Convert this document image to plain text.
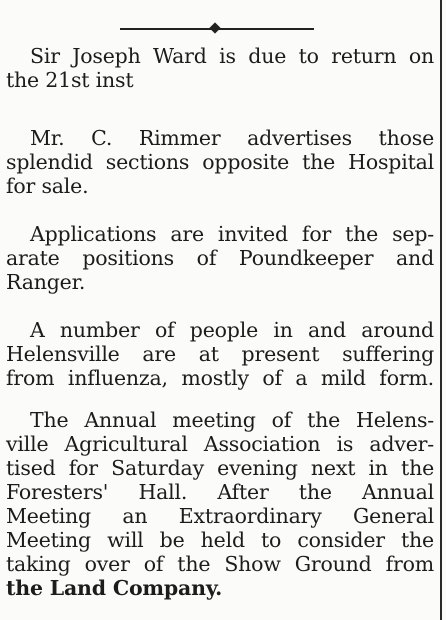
Sir Joseph Ward is due to return on
the 21st inst
Mr. C. Rimmer advertises those
splendid sections opposite the Hospital
for sale.
Applications are invited for the sep-
arate positions of Poundkeeper and
Ranger.
A number of people in and around
Helensville are at present suffering
from influenza, mostly of a mild form.
The Annual meeting of the Helens-
ville Agricultural Association is adver-
tised for Saturday evening next in the
Foresters' Hall. After the Annual
Meeting an Extraordinary General
Meeting will be held to consider the
taking over of the Show Ground from
the Land Company.
